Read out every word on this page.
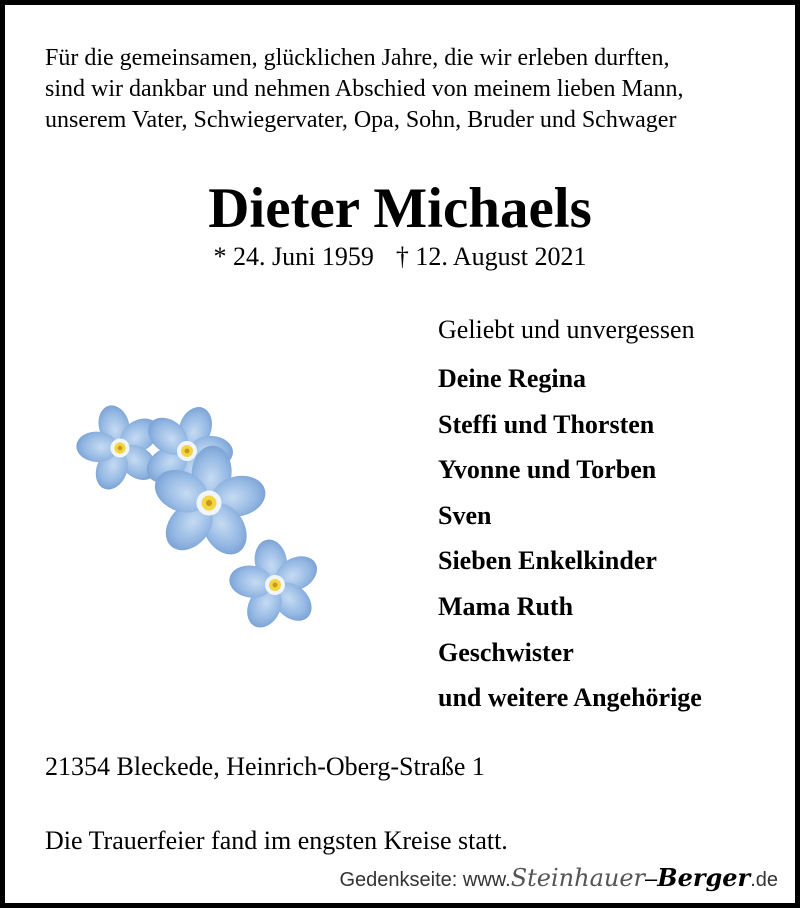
Für die gemeinsamen, glücklichen Jahre, die wir erleben durften,
sind wir dankbar und nehmen Abschied von meinem lieben Mann,
unserem Vater, Schwiegervater, Opa, Sohn, Bruder und Schwager
Dieter Michaels
* 24. Juni 1959 † 12. August 2021
Geliebt und unvergessen
Deine Regina
Steffi und Thorsten
Yvonne und Torben
Sven
Sieben Enkelkinder
Mama Ruth
Geschwister
und weitere Angehörige
21354 Bleckede, Heinrich-Oberg-Straße 1
Die Trauerfeier fand im engsten Kreise statt.
Gedenkseite: www.Steinhauer–Berger.de
